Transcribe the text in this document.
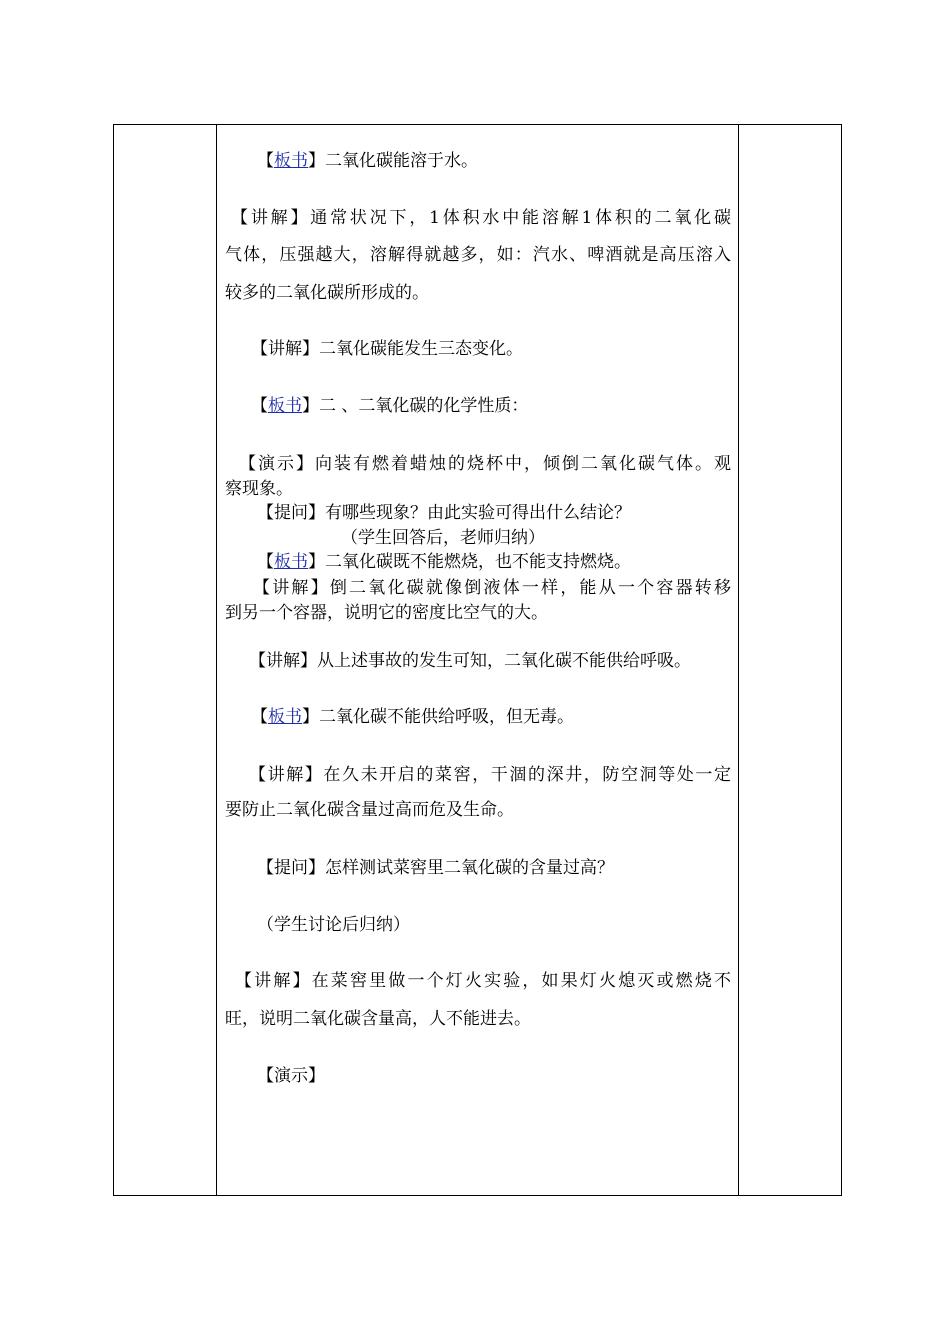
【板书】二氧化碳能溶于水。
【讲解】通常状况下，1体积水中能溶解1体积的二氧化碳
气体，压强越大，溶解得就越多，如：汽水、啤酒就是高压溶入
较多的二氧化碳所形成的。
【讲解】二氧化碳能发生三态变化。
【板书】二 、二氧化碳的化学性质：
【演示】向装有燃着蜡烛的烧杯中，倾倒二氧化碳气体。观
察现象。
【提问】有哪些现象？由此实验可得出什么结论？
（学生回答后，老师归纳）
【板书】二氧化碳既不能燃烧，也不能支持燃烧。
【讲解】倒二氧化碳就像倒液体一样，能从一个容器转移
到另一个容器，说明它的密度比空气的大。
【讲解】从上述事故的发生可知，二氧化碳不能供给呼吸。
【板书】二氧化碳不能供给呼吸，但无毒。
【讲解】在久未开启的菜窖，干涸的深井，防空洞等处一定
要防止二氧化碳含量过高而危及生命。
【提问】怎样测试菜窖里二氧化碳的含量过高？
（学生讨论后归纳）
【讲解】在菜窖里做一个灯火实验，如果灯火熄灭或燃烧不
旺，说明二氧化碳含量高，人不能进去。
【演示】
